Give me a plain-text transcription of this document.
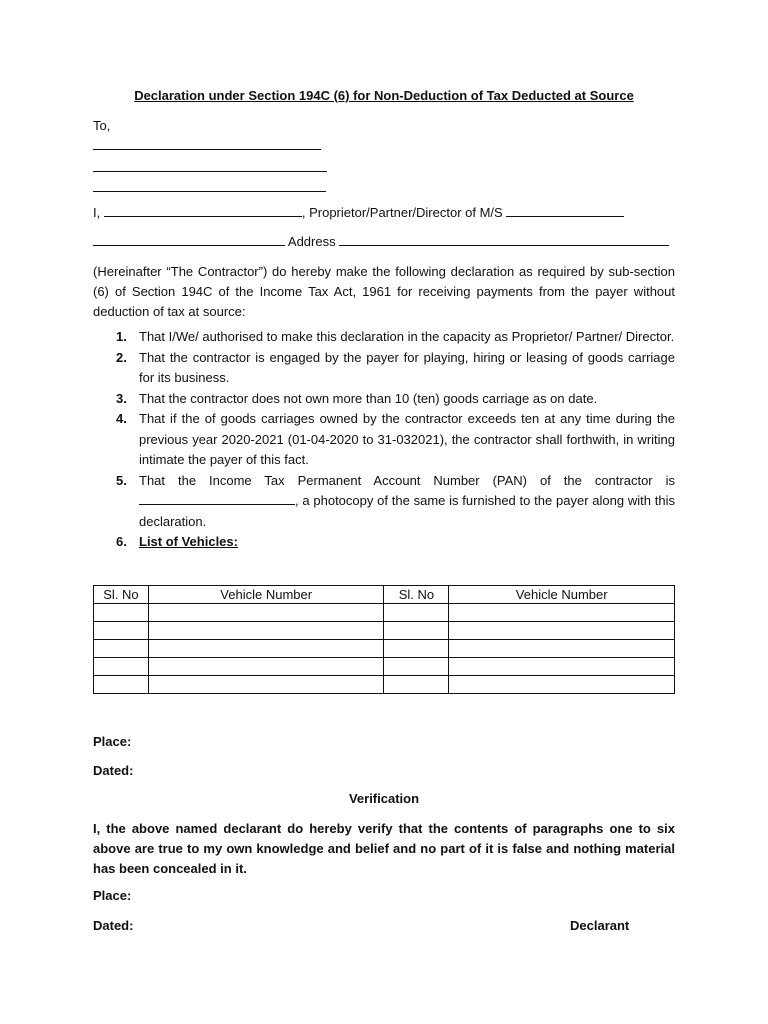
Declaration under Section 194C (6) for Non-Deduction of Tax Deducted at Source
To,
I,	, Proprietor/Partner/Director of M/S
Address
(Hereinafter “The Contractor”) do hereby make the following declaration as required by sub-section (6) of Section 194C of the Income Tax Act, 1961 for receiving payments from the payer without deduction of tax at source:
1. That I/We/ authorised to make this declaration in the capacity as Proprietor/ Partner/ Director.
2. That the contractor is engaged by the payer for playing, hiring or leasing of goods carriage for its business.
3. That the contractor does not own more than 10 (ten) goods carriage as on date.
4. That if the of goods carriages owned by the contractor exceeds ten at any time during the previous year 2020-2021 (01-04-2020 to 31-032021), the contractor shall forthwith, in writing intimate the payer of this fact.
5. That the Income Tax Permanent Account Number (PAN) of the contractor is , a photocopy of the same is furnished to the payer along with this declaration.
6. List of Vehicles:
Sl. No	Vehicle Number	Sl. No	Vehicle Number

Place:
Dated:
Verification
I, the above named declarant do hereby verify that the contents of paragraphs one to six above are true to my own knowledge and belief and no part of it is false and nothing material has been concealed in it.
Place:
Dated:	Declarant
